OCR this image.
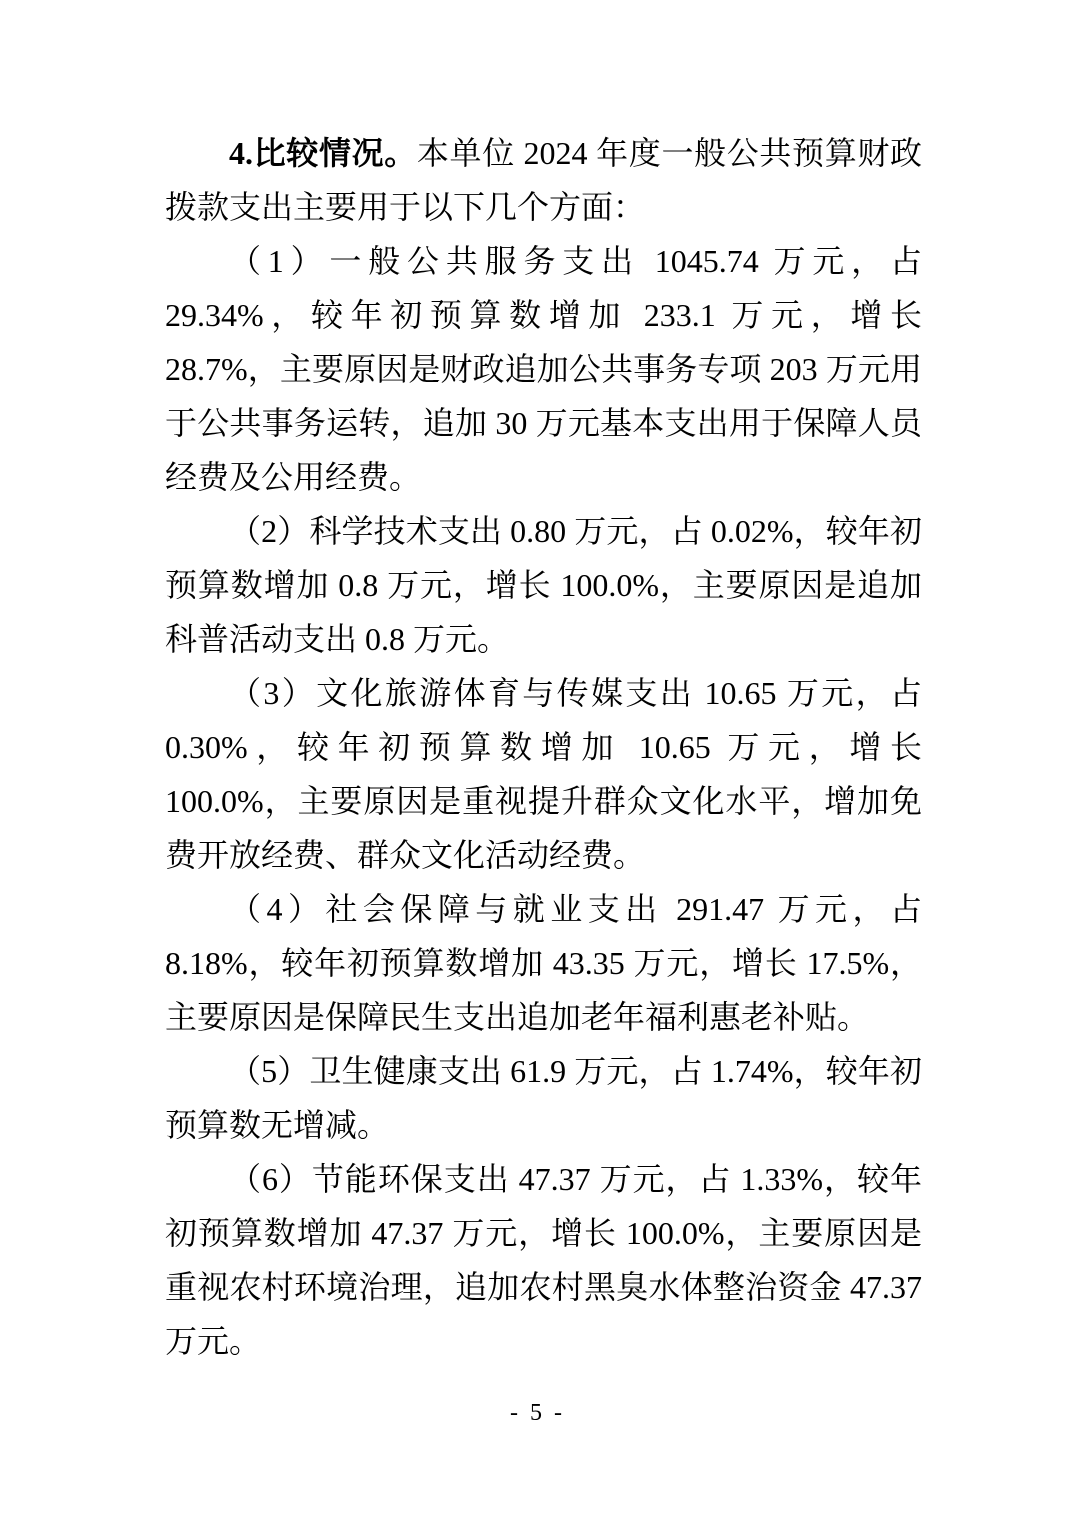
4.比较情况。本单位 2024 年度一般公共预算财政拨款支出主要用于以下几个方面：

（1）一般公共服务支出 1045.74 万元，占 29.34%，较年初预算数增加 233.1 万元，增长 28.7%，主要原因是财政追加公共事务专项 203 万元用于公共事务运转，追加 30 万元基本支出用于保障人员经费及公用经费。

（2）科学技术支出 0.80 万元，占 0.02%，较年初预算数增加 0.8 万元，增长 100.0%，主要原因是追加科普活动支出 0.8 万元。

（3）文化旅游体育与传媒支出 10.65 万元，占 0.30%，较年初预算数增加 10.65 万元，增长 100.0%，主要原因是重视提升群众文化水平，增加免费开放经费、群众文化活动经费。

（4）社会保障与就业支出 291.47 万元，占 8.18%，较年初预算数增加 43.35 万元，增长 17.5%，主要原因是保障民生支出追加老年福利惠老补贴。

（5）卫生健康支出 61.9 万元，占 1.74%，较年初预算数无增减。

（6）节能环保支出 47.37 万元，占 1.33%，较年初预算数增加 47.37 万元，增长 100.0%，主要原因是重视农村环境治理，追加农村黑臭水体整治资金 47.37 万元。

- 5 -
